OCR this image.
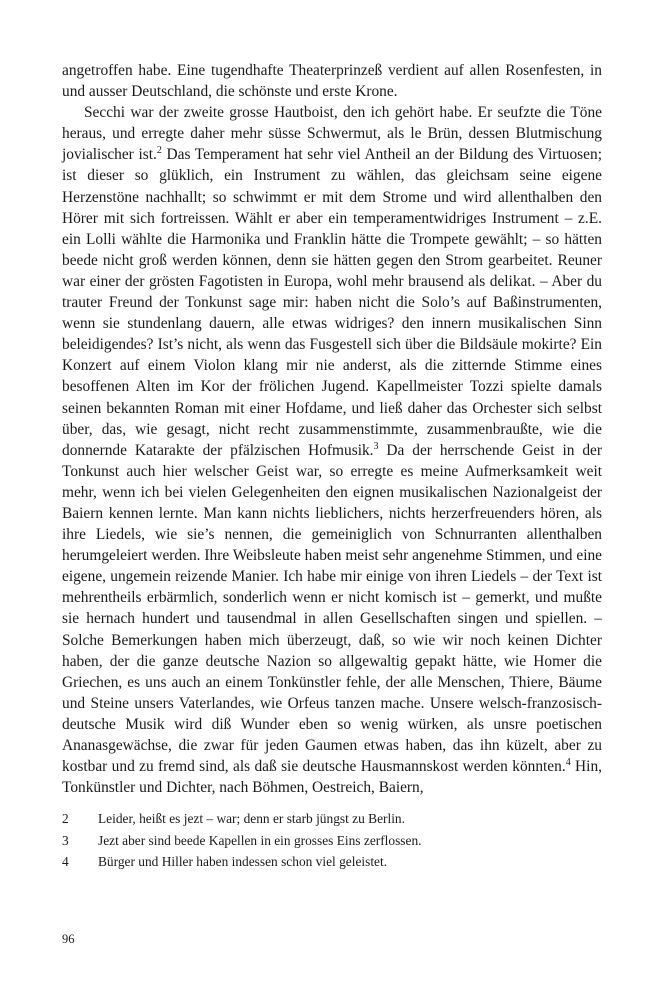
angetroffen habe. Eine tugendhafte Theaterprinzeß verdient auf allen Rosenfesten, in und ausser Deutschland, die schönste und erste Krone.

Secchi war der zweite grosse Hautboist, den ich gehört habe. Er seufzte die Töne heraus, und erregte daher mehr süsse Schwermut, als le Brün, dessen Blutmischung jovialischer ist.$^2$ Das Temperament hat sehr viel Antheil an der Bildung des Virtuosen; ist dieser so glüklich, ein Instrument zu wählen, das gleichsam seine eigene Herzenstöne nachhallt; so schwimmt er mit dem Strome und wird allenthalben den Hörer mit sich fortreissen. Wählt er aber ein temperamentwidriges Instrument – z.E. ein Lolli wählte die Harmonika und Franklin hätte die Trompete gewählt; – so hätten beede nicht groß werden können, denn sie hätten gegen den Strom gearbeitet. Reuner war einer der grösten Fagotisten in Europa, wohl mehr brausend als delikat. – Aber du trauter Freund der Tonkunst sage mir: haben nicht die Solo’s auf Baßinstrumenten, wenn sie stundenlang dauern, alle etwas widriges? den innern musikalischen Sinn beleidigendes? Ist’s nicht, als wenn das Fusgestell sich über die Bildsäule mokirte? Ein Konzert auf einem Violon klang mir nie anderst, als die zitternde Stimme eines besoffenen Alten im Kor der frölichen Jugend. Kapellmeister Tozzi spielte damals seinen bekannten Roman mit einer Hofdame, und ließ daher das Orchester sich selbst über, das, wie gesagt, nicht recht zusammenstimmte, zusammenbraußte, wie die donnernde Katarakte der pfälzischen Hofmusik.$^3$ Da der herrschende Geist in der Tonkunst auch hier welscher Geist war, so erregte es meine Aufmerksamkeit weit mehr, wenn ich bei vielen Gelegenheiten den eignen musikalischen Nazionalgeist der Baiern kennen lernte. Man kann nichts lieblichers, nichts herzerfreuenders hören, als ihre Liedels, wie sie’s nennen, die gemeiniglich von Schnurranten allenthalben herumgeleiert werden. Ihre Weibsleute haben meist sehr angenehme Stimmen, und eine eigene, ungemein reizende Manier. Ich habe mir einige von ihren Liedels – der Text ist mehrentheils erbärmlich, sonderlich wenn er nicht komisch ist – gemerkt, und mußte sie hernach hundert und tausendmal in allen Gesellschaften singen und spiellen. – Solche Bemerkungen haben mich überzeugt, daß, so wie wir noch keinen Dichter haben, der die ganze deutsche Nazion so allgewaltig gepakt hätte, wie Homer die Griechen, es uns auch an einem Tonkünstler fehle, der alle Menschen, Thiere, Bäume und Steine unsers Vaterlandes, wie Orfeus tanzen mache. Unsere welsch-franzosisch-deutsche Musik wird diß Wunder eben so wenig würken, als unsre poetischen Ananasgewächse, die zwar für jeden Gaumen etwas haben, das ihn küzelt, aber zu kostbar und zu fremd sind, als daß sie deutsche Hausmannskost werden könnten.$^4$ Hin, Tonkünstler und Dichter, nach Böhmen, Oestreich, Baiern,

2	Leider, heißt es jezt – war; denn er starb jüngst zu Berlin.
3	Jezt aber sind beede Kapellen in ein grosses Eins zerflossen.
4	Bürger und Hiller haben indessen schon viel geleistet.
96
